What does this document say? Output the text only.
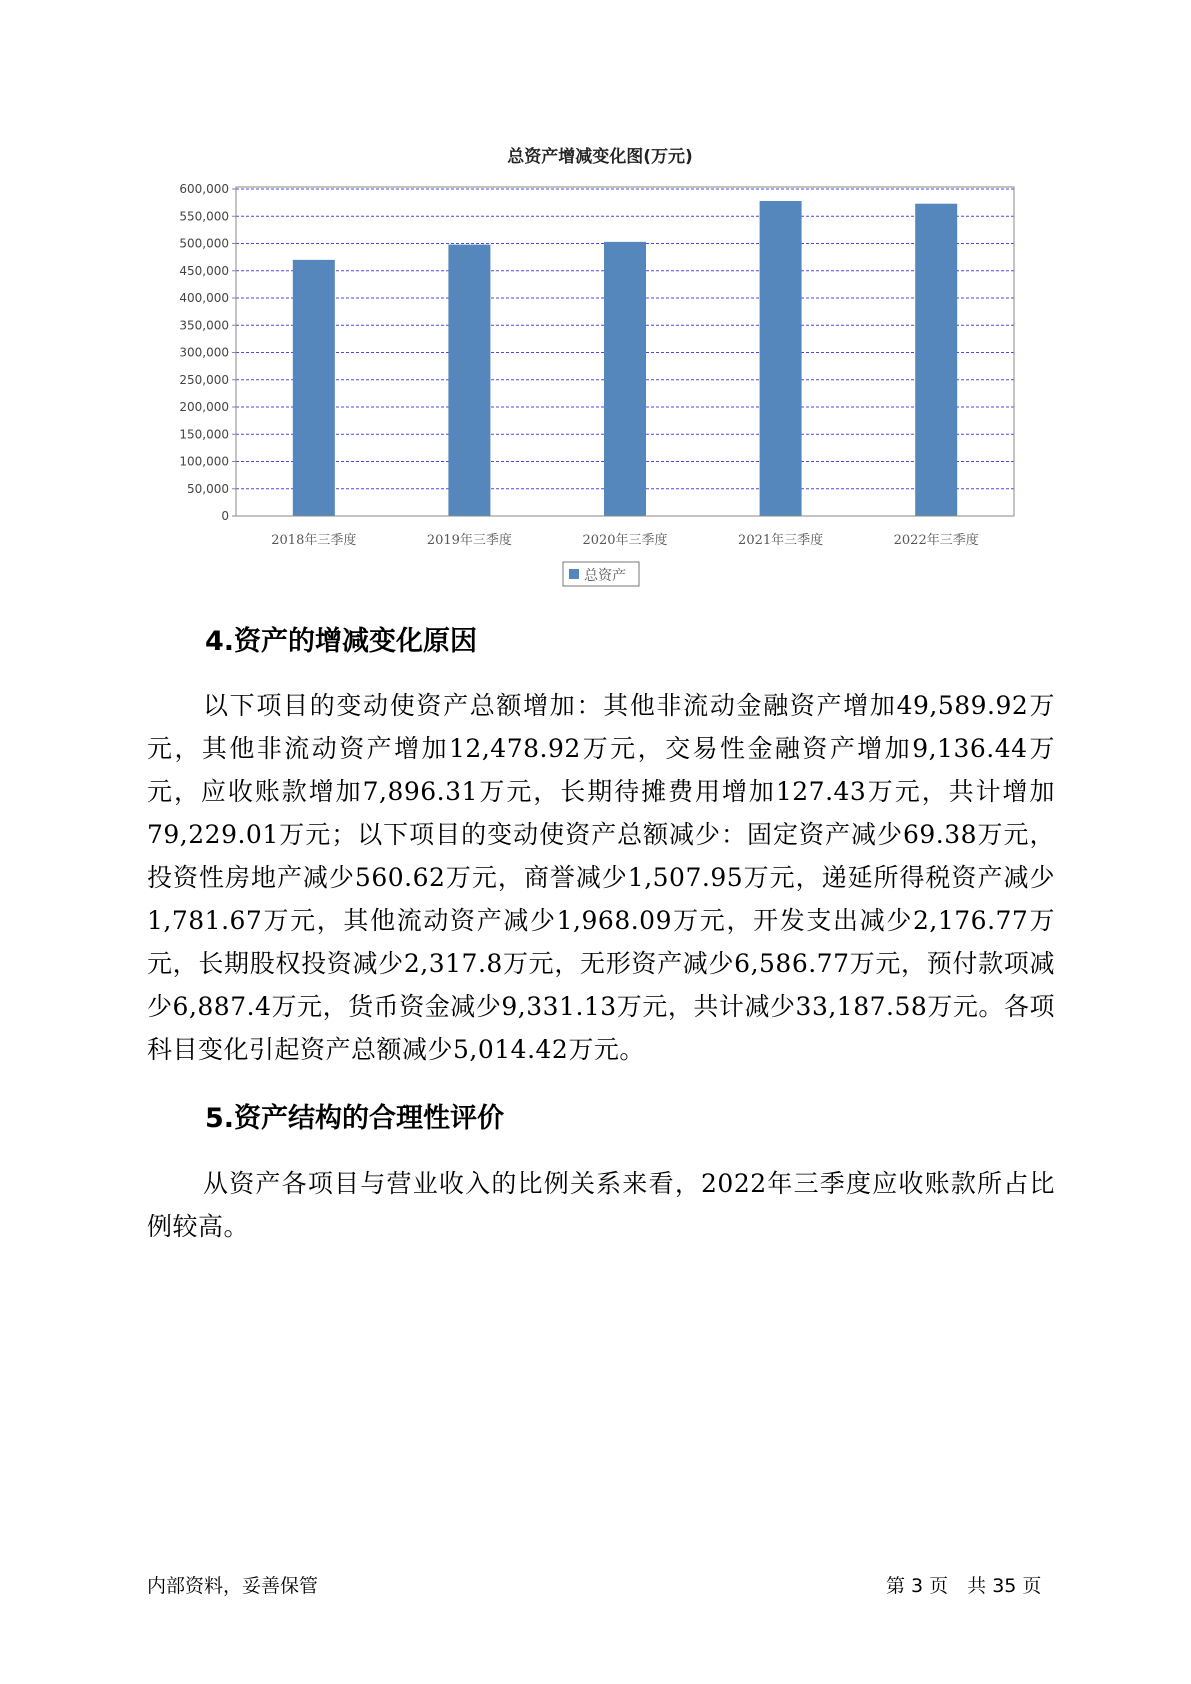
总资产增减变化图(万元)
0
50,000
100,000
150,000
200,000
250,000
300,000
350,000
400,000
450,000
500,000
550,000
600,000
2018年三季度	2019年三季度	2020年三季度	2021年三季度	2022年三季度
总资产
4.资产的增减变化原因

以下项目的变动使资产总额增加：其他非流动金融资产增加49,589.92万元，其他非流动资产增加12,478.92万元，交易性金融资产增加9,136.44万元，应收账款增加7,896.31万元，长期待摊费用增加127.43万元，共计增加79,229.01万元；以下项目的变动使资产总额减少：固定资产减少69.38万元，投资性房地产减少560.62万元，商誉减少1,507.95万元，递延所得税资产减少1,781.67万元，其他流动资产减少1,968.09万元，开发支出减少2,176.77万元，长期股权投资减少2,317.8万元，无形资产减少6,586.77万元，预付款项减少6,887.4万元，货币资金减少9,331.13万元，共计减少33,187.58万元。各项科目变化引起资产总额减少5,014.42万元。

5.资产结构的合理性评价

从资产各项目与营业收入的比例关系来看，2022年三季度应收账款所占比例较高。

内部资料，妥善保管	第 3 页　共 35 页
